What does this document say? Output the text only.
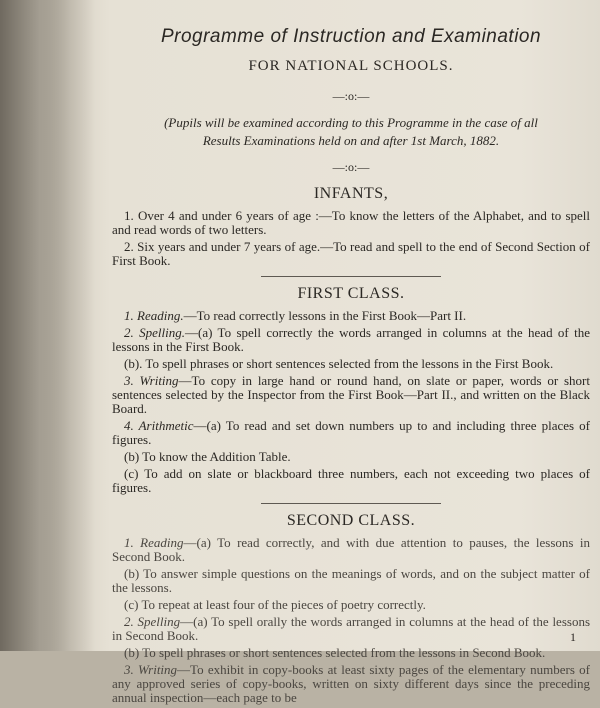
Programme of Instruction and Examination
FOR NATIONAL SCHOOLS.
—:o:—
(Pupils will be examined according to this Programme in the case of all
Results Examinations held on and after 1st March, 1882.
—:o:—
INFANTS,

1. Over 4 and under 6 years of age :—To know the letters of the Alphabet, and to spell and read words of two letters.

2. Six years and under 7 years of age.—To read and spell to the end of Second Section of First Book.

FIRST CLASS.

1. Reading.—To read correctly lessons in the First Book—Part II.

2. Spelling.—(a) To spell correctly the words arranged in columns at the head of the lessons in the First Book.

(b). To spell phrases or short sentences selected from the lessons in the First Book.

3. Writing—To copy in large hand or round hand, on slate or paper, words or short sentences selected by the Inspector from the First Book—Part II., and written on the Black Board.

4. Arithmetic—(a) To read and set down numbers up to and including three places of figures.

(b) To know the Addition Table.

(c) To add on slate or blackboard three numbers, each not exceeding two places of figures.

SECOND CLASS.

1. Reading—(a) To read correctly, and with due attention to pauses, the lessons in Second Book.

(b) To answer simple questions on the meanings of words, and on the subject matter of the lessons.

(c) To repeat at least four of the pieces of poetry correctly.

2. Spelling—(a) To spell orally the words arranged in columns at the head of the lessons in Second Book.

(b) To spell phrases or short sentences selected from the lessons in Second Book.

3. Writing—To exhibit in copy-books at least sixty pages of the elementary numbers of any approved series of copy-books, written on sixty different days since the preceding annual inspection—each page to be

1
